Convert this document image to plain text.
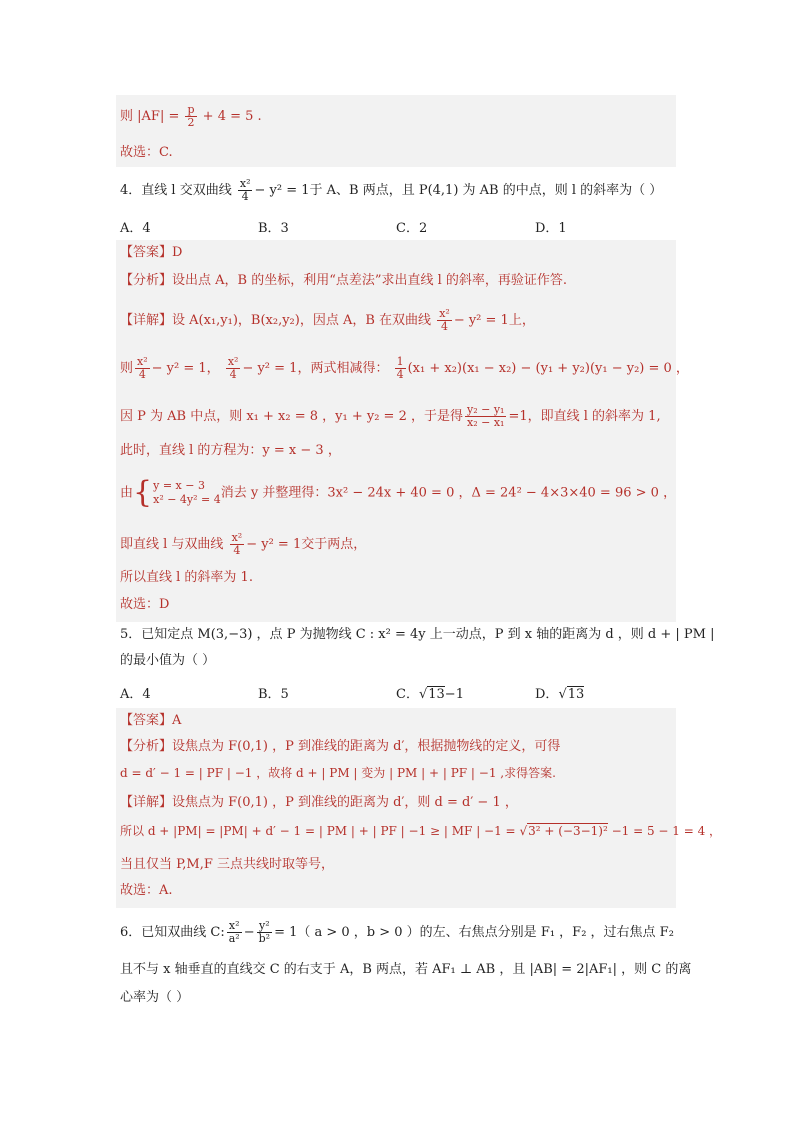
则 $|AF| = \frac{p}{2} + 4 = 5$ .
故选：C.
4．直线 l 交双曲线 $\frac{\text{x²}}{4} - y^2 = 1$于 A、B 两点，且 P(4,1) 为 AB 的中点，则 l 的斜率为（ ）
A．4	B．3	C．2	D．1
【答案】D
【分析】设出点 A，B 的坐标，利用“点差法”求出直线 l 的斜率，再验证作答.
【详解】设 A(x₁,y₁)，B(x₂,y₂)，因点 A，B 在双曲线 $\frac{\text{x²}}{4} - y^2 = 1$上，
则 $\frac{\text{x²}}{4} - y^2 = 1$， $\frac{\text{x²}}{4} - y^2 = 1$，两式相减得： $\frac{1}{4} (x_1 + x_2)(x_1 - x_2) - (y_1 + y_2)(y_1 - y_2) = 0$ ，
因 P 为 AB 中点，则 x₁ + x₂ = 8 ，y₁ + y₂ = 2 ，于是得 $\frac{\text{y₂ − y₁}}{\text{x₂ − x₁}} =1$，即直线 l 的斜率为 1,
此时，直线 l 的方程为：y = x − 3 ，
由 { y = x − 3
x² − 4y² = 4 消去 y 并整理得：3x² − 24x + 40 = 0 ，Δ = 24² − 4×3×40 = 96 > 0 ，
即直线 l 与双曲线 $\frac{\text{x²}}{4} - y^2 = 1$交于两点，
所以直线 l 的斜率为 1.
故选：D
5．已知定点 M(3,−3) ，点 P 为抛物线 C : x² = 4y 上一动点，P 到 x 轴的距离为 d ，则 d + | PM |
的最小值为（ ）
A．4	B．5	C．√13−1	D．√13
【答案】A
【分析】设焦点为 F(0,1) ，P 到准线的距离为 d′，根据抛物线的定义，可得
d = d′ − 1 = | PF | −1 ，故将 d + | PM | 变为 | PM | + | PF | −1 ,求得答案.
【详解】设焦点为 F(0,1) ，P 到准线的距离为 d′，则 d = d′ − 1 ，
所以 d + |PM| = |PM| + d′ − 1 = | PM | + | PF | −1 ≥ | MF | −1 = √3² + (−3−1)² −1 = 5 − 1 = 4 ，
当且仅当 P,M,F 三点共线时取等号，
故选：A.
6．已知双曲线 C: $\frac{\text{x²}}{\text{a²}} - \frac{\text{y²}}{\text{b²}} = 1$（ a > 0 ，b > 0 ）的左、右焦点分别是 F₁ ，F₂ ，过右焦点 F₂
且不与 x 轴垂直的直线交 C 的右支于 A，B 两点，若 AF₁ ⊥ AB ，且 |AB| = 2|AF₁| ，则 C 的离
心率为（ ）
